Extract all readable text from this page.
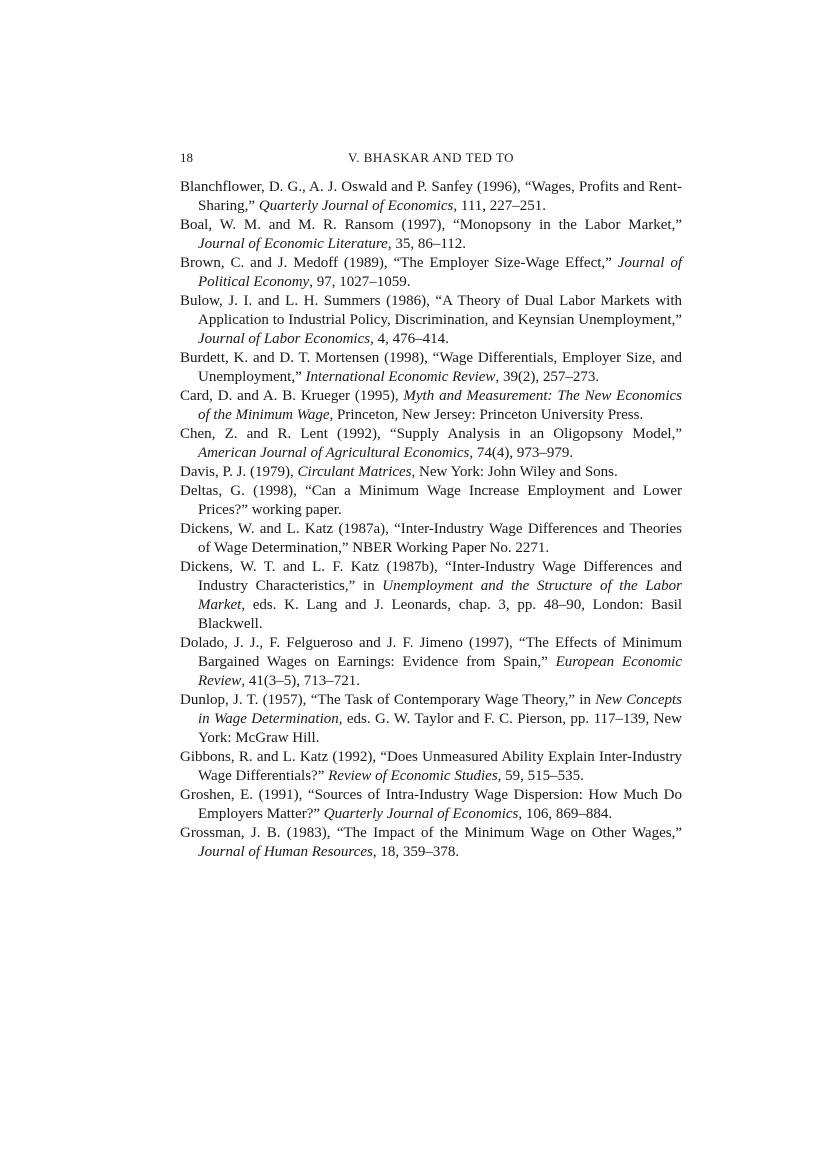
18	V. BHASKAR AND TED TO

Blanchflower, D. G., A. J. Oswald and P. Sanfey (1996), “Wages, Profits and Rent-Sharing,” Quarterly Journal of Economics, 111, 227–251.

Boal, W. M. and M. R. Ransom (1997), “Monopsony in the Labor Market,” Journal of Economic Literature, 35, 86–112.

Brown, C. and J. Medoff (1989), “The Employer Size-Wage Effect,” Journal of Political Economy, 97, 1027–1059.

Bulow, J. I. and L. H. Summers (1986), “A Theory of Dual Labor Markets with Application to Industrial Policy, Discrimination, and Keynsian Unemployment,” Journal of Labor Economics, 4, 476–414.

Burdett, K. and D. T. Mortensen (1998), “Wage Differentials, Employer Size, and Unemployment,” International Economic Review, 39(2), 257–273.

Card, D. and A. B. Krueger (1995), Myth and Measurement: The New Economics of the Minimum Wage, Princeton, New Jersey: Princeton University Press.

Chen, Z. and R. Lent (1992), “Supply Analysis in an Oligopsony Model,” American Journal of Agricultural Economics, 74(4), 973–979.

Davis, P. J. (1979), Circulant Matrices, New York: John Wiley and Sons.

Deltas, G. (1998), “Can a Minimum Wage Increase Employment and Lower Prices?” working paper.

Dickens, W. and L. Katz (1987a), “Inter-Industry Wage Differences and Theories of Wage Determination,” NBER Working Paper No. 2271.

Dickens, W. T. and L. F. Katz (1987b), “Inter-Industry Wage Differences and Industry Characteristics,” in Unemployment and the Structure of the Labor Market, eds. K. Lang and J. Leonards, chap. 3, pp. 48–90, London: Basil Blackwell.

Dolado, J. J., F. Felgueroso and J. F. Jimeno (1997), “The Effects of Minimum Bargained Wages on Earnings: Evidence from Spain,” European Economic Review, 41(3–5), 713–721.

Dunlop, J. T. (1957), “The Task of Contemporary Wage Theory,” in New Concepts in Wage Determination, eds. G. W. Taylor and F. C. Pierson, pp. 117–139, New York: McGraw Hill.

Gibbons, R. and L. Katz (1992), “Does Unmeasured Ability Explain Inter-Industry Wage Differentials?” Review of Economic Studies, 59, 515–535.

Groshen, E. (1991), “Sources of Intra-Industry Wage Dispersion: How Much Do Employers Matter?” Quarterly Journal of Economics, 106, 869–884.

Grossman, J. B. (1983), “The Impact of the Minimum Wage on Other Wages,” Journal of Human Resources, 18, 359–378.
